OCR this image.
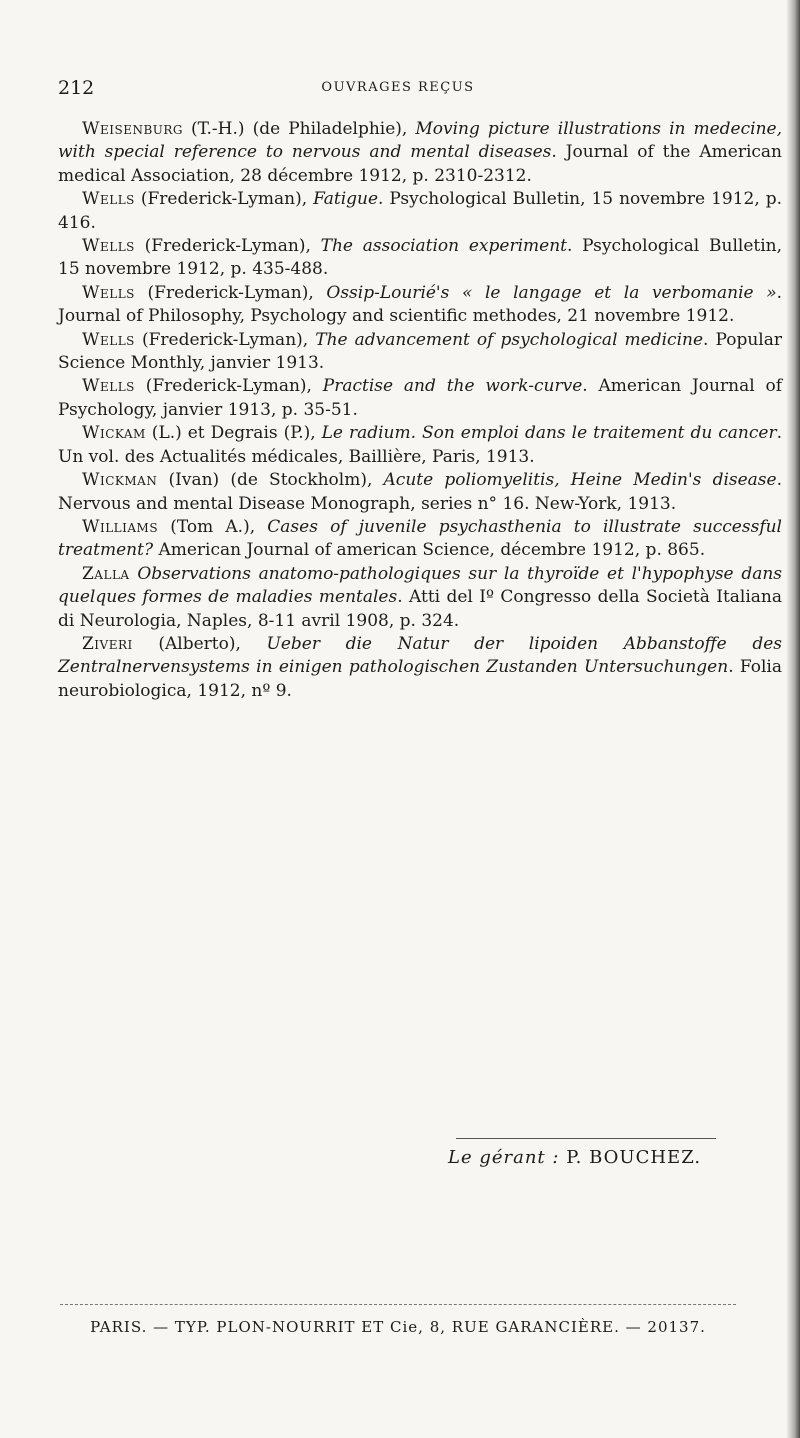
212	OUVRAGES REÇUS

Weisenburg (T.-H.) (de Philadelphie), Moving picture illustrations in medecine, with special reference to nervous and mental diseases. Journal of the American medical Association, 28 décembre 1912, p. 2310-2312.

Wells (Frederick-Lyman), Fatigue. Psychological Bulletin, 15 novembre 1912, p. 416.

Wells (Frederick-Lyman), The association experiment. Psychological Bulletin, 15 novembre 1912, p. 435-488.

Wells (Frederick-Lyman), Ossip-Lourié's « le langage et la verbomanie ». Journal of Philosophy, Psychology and scientific methodes, 21 novembre 1912.

Wells (Frederick-Lyman), The advancement of psychological medicine. Popular Science Monthly, janvier 1913.

Wells (Frederick-Lyman), Practise and the work-curve. American Journal of Psychology, janvier 1913, p. 35-51.

Wickam (L.) et Degrais (P.), Le radium. Son emploi dans le traitement du cancer. Un vol. des Actualités médicales, Baillière, Paris, 1913.

Wickman (Ivan) (de Stockholm), Acute poliomyelitis, Heine Medin's disease. Nervous and mental Disease Monograph, series n° 16. New-York, 1913.

Williams (Tom A.), Cases of juvenile psychasthenia to illustrate successful treatment? American Journal of american Science, décembre 1912, p. 865.

Zalla Observations anatomo-pathologiques sur la thyroïde et l'hypophyse dans quelques formes de maladies mentales. Atti del Iº Congresso della Società Italiana di Neurologia, Naples, 8-11 avril 1908, p. 324.

Ziveri (Alberto), Ueber die Natur der lipoiden Abbanstoffe des Zentralnervensystems in einigen pathologischen Zustanden Untersuchungen. Folia neurobiologica, 1912, nº 9.

Le gérant : P. BOUCHEZ.
PARIS. — TYP. PLON-NOURRIT ET Cie, 8, RUE GARANCIÈRE. — 20137.
